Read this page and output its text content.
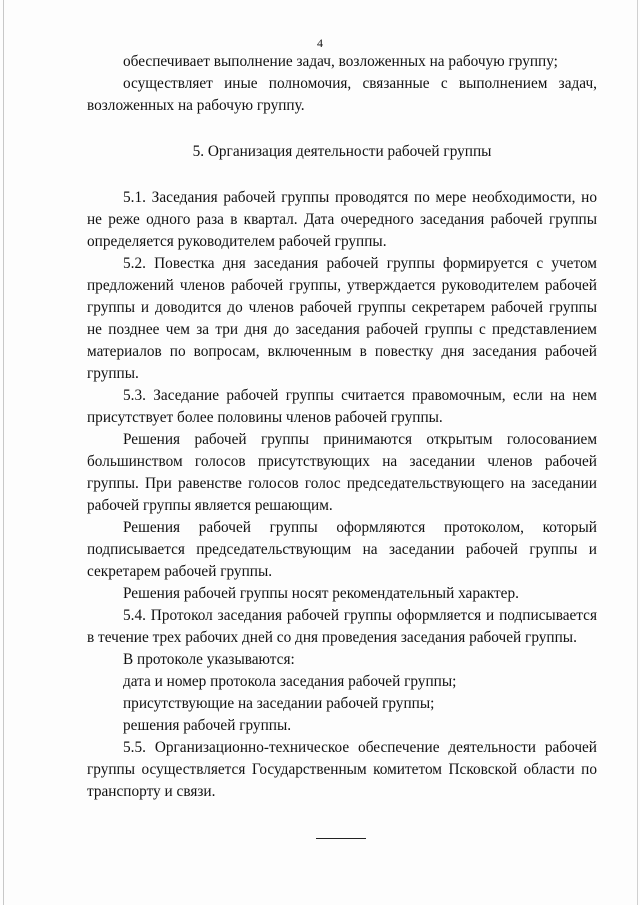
4

обеспечивает выполнение задач, возложенных на рабочую группу;

осуществляет иные полномочия, связанные с выполнением задач, возложенных на рабочую группу.

5. Организация деятельности рабочей группы

5.1. Заседания рабочей группы проводятся по мере необходимости, но не реже одного раза в квартал. Дата очередного заседания рабочей группы определяется руководителем рабочей группы.

5.2. Повестка дня заседания рабочей группы формируется с учетом предложений членов рабочей группы, утверждается руководителем рабочей группы и доводится до членов рабочей группы секретарем рабочей группы не позднее чем за три дня до заседания рабочей группы с представлением материалов по вопросам, включенным в повестку дня заседания рабочей группы.

5.3. Заседание рабочей группы считается правомочным, если на нем присутствует более половины членов рабочей группы.

Решения рабочей группы принимаются открытым голосованием большинством голосов присутствующих на заседании членов рабочей группы. При равенстве голосов голос председательствующего на заседании рабочей группы является решающим.

Решения рабочей группы оформляются протоколом, который подписывается председательствующим на заседании рабочей группы и секретарем рабочей группы.

Решения рабочей группы носят рекомендательный характер.

5.4. Протокол заседания рабочей группы оформляется и подписывается в течение трех рабочих дней со дня проведения заседания рабочей группы.

В протоколе указываются:

дата и номер протокола заседания рабочей группы;

присутствующие на заседании рабочей группы;

решения рабочей группы.

5.5. Организационно-техническое обеспечение деятельности рабочей группы осуществляется Государственным комитетом Псковской области по транспорту и связи.
